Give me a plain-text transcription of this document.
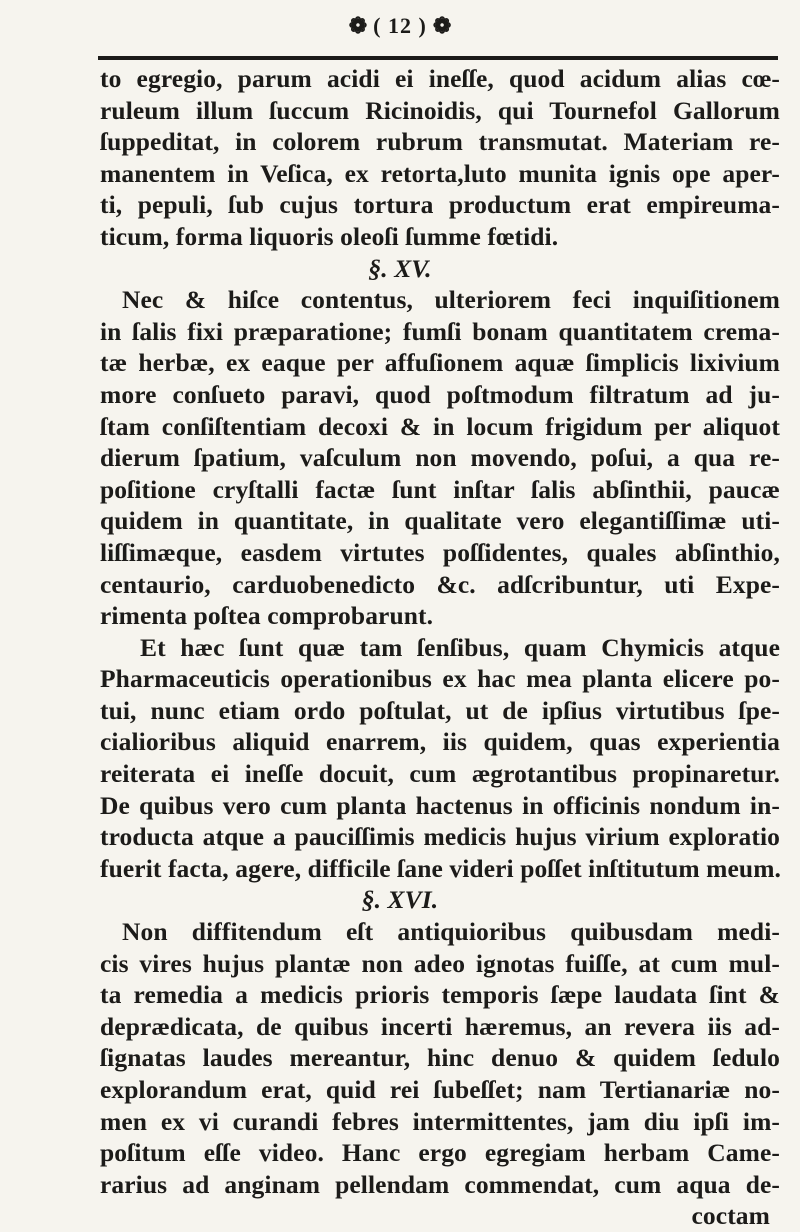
❁ ( 12 ) ❁
to egregio, parum acidi ei ineſſe, quod acidum alias cœ-
ruleum illum ſuccum Ricinoidis, qui Tournefol Gallorum
ſuppeditat, in colorem rubrum transmutat. Materiam re-
manentem in Veſica, ex retorta,luto munita ignis ope aper-
ti, pepuli, ſub cujus tortura productum erat empireuma-
ticum, forma liquoris oleoſi ſumme fœtidi.
§. XV.
Nec & hiſce contentus, ulteriorem feci inquiſitionem
in ſalis fixi præparatione; fumſi bonam quantitatem crema-
tæ herbæ, ex eaque per affuſionem aquæ ſimplicis lixivium
more conſueto paravi, quod poſtmodum filtratum ad ju-
ſtam conſiſtentiam decoxi & in locum frigidum per aliquot
dierum ſpatium, vaſculum non movendo, poſui, a qua re-
poſitione cryſtalli factæ ſunt inſtar ſalis abſinthii, paucæ
quidem in quantitate, in qualitate vero elegantiſſimæ uti-
liſſimæque, easdem virtutes poſſidentes, quales abſinthio,
centaurio, carduobenedicto &c. adſcribuntur, uti Expe-
rimenta poſtea comprobarunt.
Et hæc ſunt quæ tam ſenſibus, quam Chymicis atque
Pharmaceuticis operationibus ex hac mea planta elicere po-
tui, nunc etiam ordo poſtulat, ut de ipſius virtutibus ſpe-
cialioribus aliquid enarrem, iis quidem, quas experientia
reiterata ei ineſſe docuit, cum ægrotantibus propinaretur.
De quibus vero cum planta hactenus in officinis nondum in-
troducta atque a pauciſſimis medicis hujus virium exploratio
fuerit facta, agere, difficile ſane videri poſſet inſtitutum meum.
§. XVI.
Non diffitendum eſt antiquioribus quibusdam medi-
cis vires hujus plantæ non adeo ignotas fuiſſe, at cum mul-
ta remedia a medicis prioris temporis ſæpe laudata ſint &
deprædicata, de quibus incerti hæremus, an revera iis ad-
ſignatas laudes mereantur, hinc denuo & quidem ſedulo
explorandum erat, quid rei ſubeſſet; nam Tertianariæ no-
men ex vi curandi febres intermittentes, jam diu ipſi im-
poſitum eſſe video. Hanc ergo egregiam herbam Came-
rarius ad anginam pellendam commendat, cum aqua de-
coctam
